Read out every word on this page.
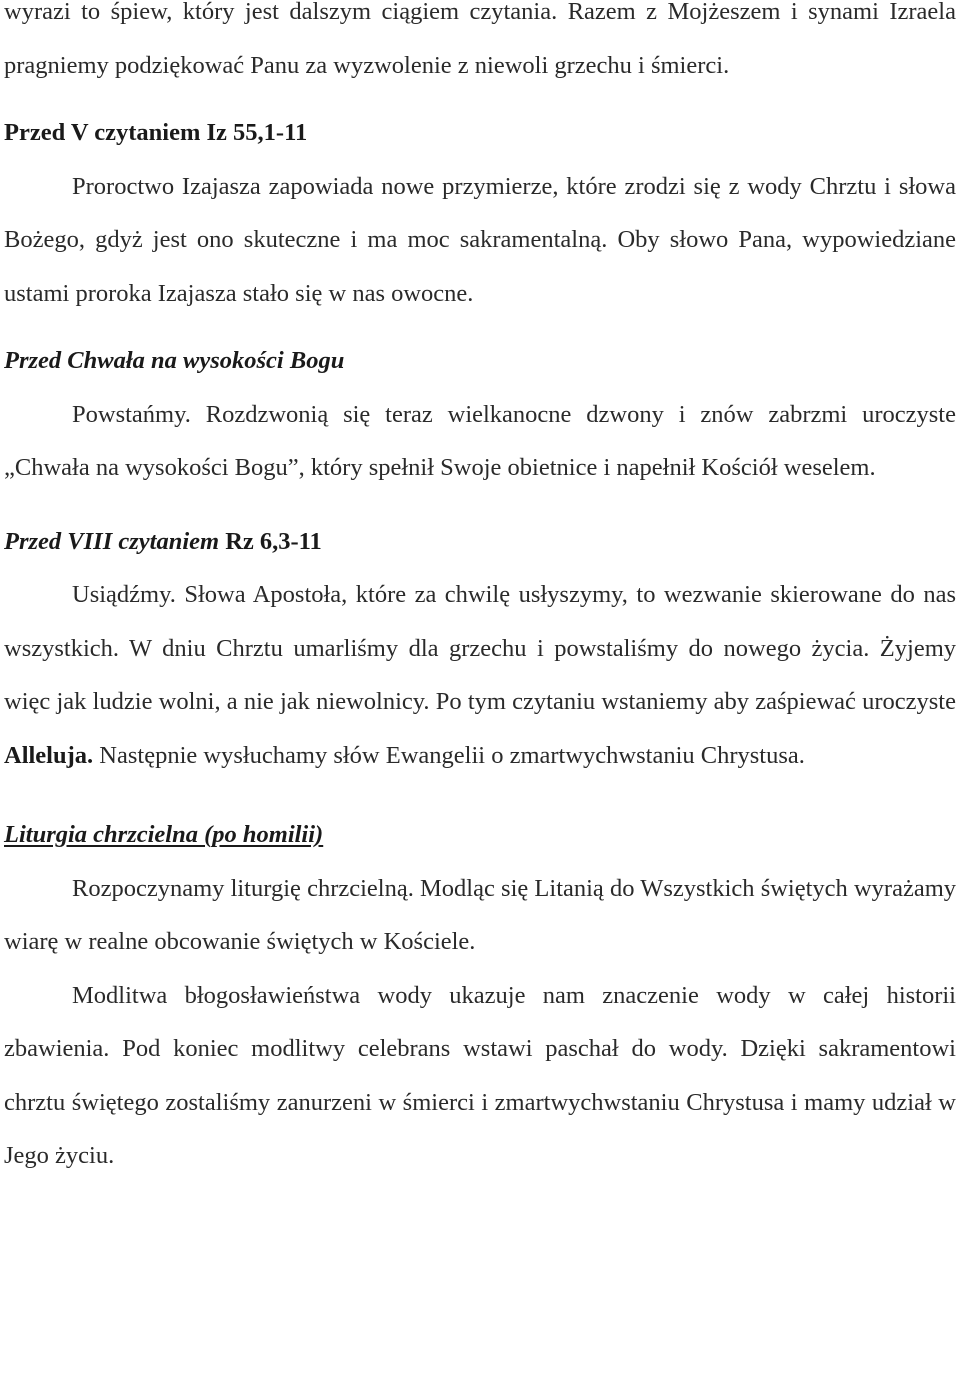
wyrazi to śpiew, który jest dalszym ciągiem czytania. Razem z Mojżeszem i synami Izraela pragniemy podziękować Panu za wyzwolenie z niewoli grzechu i śmierci.

Przed V czytaniem Iz 55,1-11

Proroctwo Izajasza zapowiada nowe przymierze, które zrodzi się z wody Chrztu i słowa Bożego, gdyż jest ono skuteczne i ma moc sakramentalną. Oby słowo Pana, wypowiedziane ustami proroka Izajasza stało się w nas owocne.

Przed Chwała na wysokości Bogu

Powstańmy. Rozdzwonią się teraz wielkanocne dzwony i znów zabrzmi uroczyste „Chwała na wysokości Bogu”, który spełnił Swoje obietnice i napełnił Kościół weselem.

Przed VIII czytaniem Rz 6,3-11

Usiądźmy. Słowa Apostoła, które za chwilę usłyszymy, to wezwanie skierowane do nas wszystkich. W dniu Chrztu umarliśmy dla grzechu i powstaliśmy do nowego życia. Żyjemy więc jak ludzie wolni, a nie jak niewolnicy. Po tym czytaniu wstaniemy aby zaśpiewać uroczyste Alleluja. Następnie wysłuchamy słów Ewangelii o zmartwychwstaniu Chrystusa.

Liturgia chrzcielna (po homilii)

Rozpoczynamy liturgię chrzcielną. Modląc się Litanią do Wszystkich świętych wyrażamy wiarę w realne obcowanie świętych w Kościele.

Modlitwa błogosławieństwa wody ukazuje nam znaczenie wody w całej historii zbawienia. Pod koniec modlitwy celebrans wstawi paschał do wody. Dzięki sakramentowi chrztu świętego zostaliśmy zanurzeni w śmierci i zmartwychwstaniu Chrystusa i mamy udział w Jego życiu.
